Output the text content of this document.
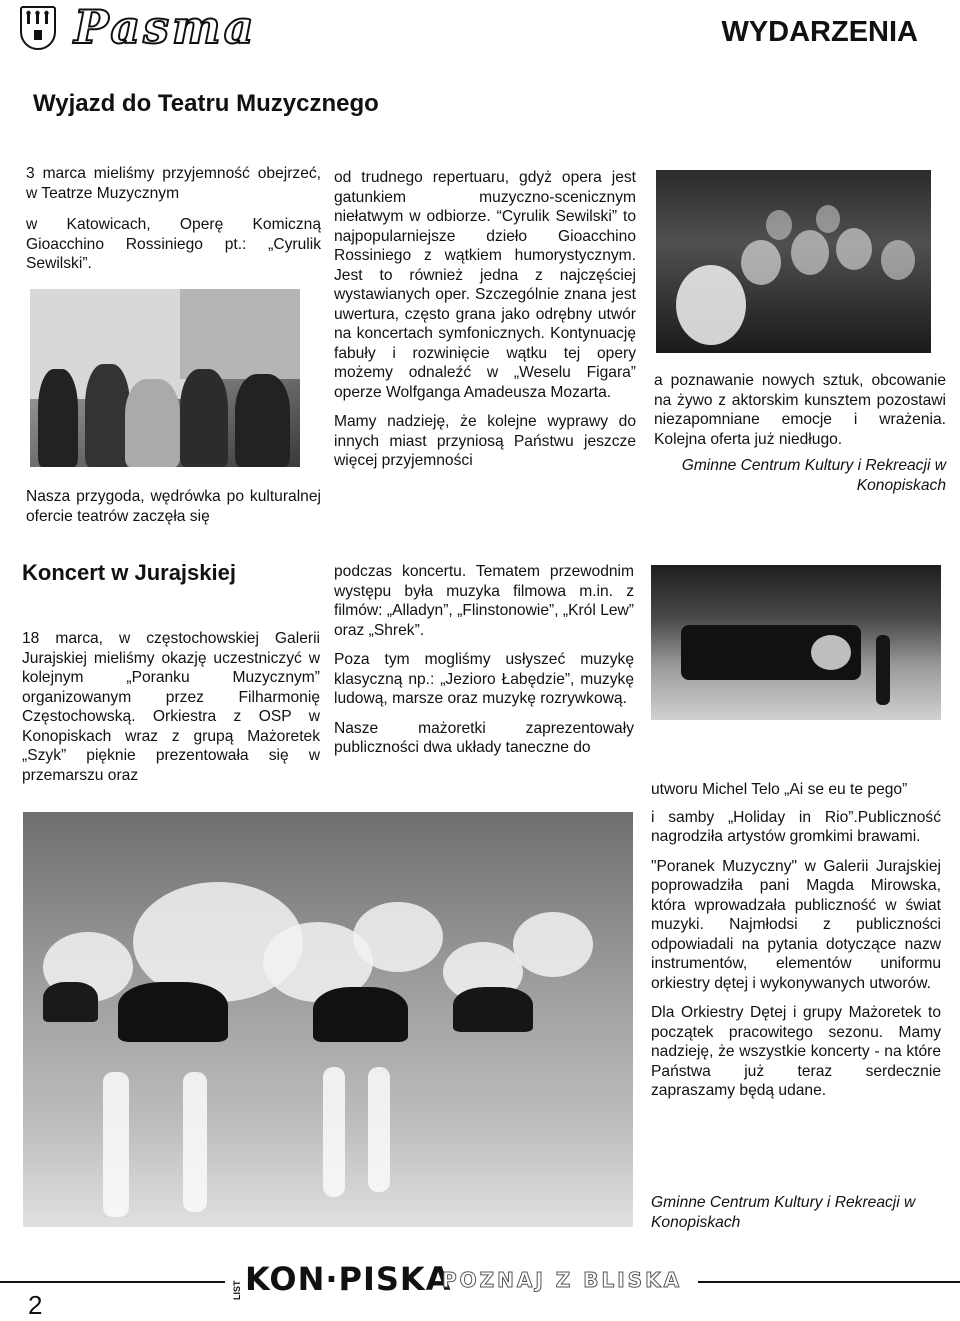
Pasma	WYDARZENIA
Wyjazd do Teatru Muzycznego

3 marca mieliśmy przyjemność obejrzeć, w Teatrze Muzycznym

w Katowicach, Operę Komiczną Gioacchino Rossiniego pt.: „Cyrulik Sewilski”.

Nasza przygoda, wędrówka po kulturalnej ofercie teatrów zaczęła się

od trudnego repertuaru, gdyż opera jest gatunkiem muzyczno-scenicznym niełatwym w odbiorze. “Cyrulik Sewilski” to najpopularniejsze dzieło Gioacchino Rossiniego z wątkiem humorystycznym. Jest to również jedna z najczęściej wystawianych oper. Szczególnie znana jest uwertura, często grana jako odrębny utwór na koncertach symfonicznych. Kontynuację fabuły i rozwinięcie wątku tej opery możemy odnaleźć w „Weselu Figara” operze Wolfganga Amadeusza Mozarta.

Mamy nadzieję, że kolejne wyprawy do innych miast przyniosą Państwu jeszcze więcej przyjemności

a poznawanie nowych sztuk, obcowanie na żywo z aktorskim kunsztem pozostawi niezapomniane emocje i wrażenia. Kolejna oferta już niedługo.

Gminne Centrum Kultury i Rekreacji w Konopiskach

Koncert w Jurajskiej

18 marca, w częstochowskiej Galerii Jurajskiej mieliśmy okazję uczestniczyć w kolejnym „Poranku Muzycznym” organizowanym przez Filharmonię Częstochowską. Orkiestra z OSP w Konopiskach wraz z grupą Mażoretek „Szyk” pięknie prezentowała się w przemarszu oraz

podczas koncertu. Tematem przewodnim występu była muzyka filmowa m.in. z filmów: „Alladyn”, „Flinstonowie”, „Król Lew” oraz „Shrek”.

Poza tym mogliśmy usłyszeć muzykę klasyczną np.: „Jezioro Łabędzie”, muzykę ludową, marsze oraz muzykę rozrywkową.

Nasze mażoretki zaprezentowały publiczności dwa układy taneczne do

utworu Michel Telo „Ai se eu te pego”

i samby „Holiday in Rio”.Publiczność nagrodziła artystów gromkimi brawami.

"Poranek Muzyczny" w Galerii Jurajskiej poprowadziła pani Magda Mirowska, która wprowadzała publiczność w świat muzyki. Najmłodsi z publiczności odpowiadali na pytania dotyczące nazw instrumentów, elementów uniformu orkiestry dętej i wykonywanych utworów.

Dla Orkiestry Dętej i grupy Mażoretek to początek pracowitego sezonu. Mamy nadzieję, że wszystkie koncerty - na które Państwa już teraz serdecznie zapraszamy będą udane.

Gminne Centrum Kultury i Rekreacji w Konopiskach
2	LIST KON·PISKA
POZNAJ Z BLISKA
